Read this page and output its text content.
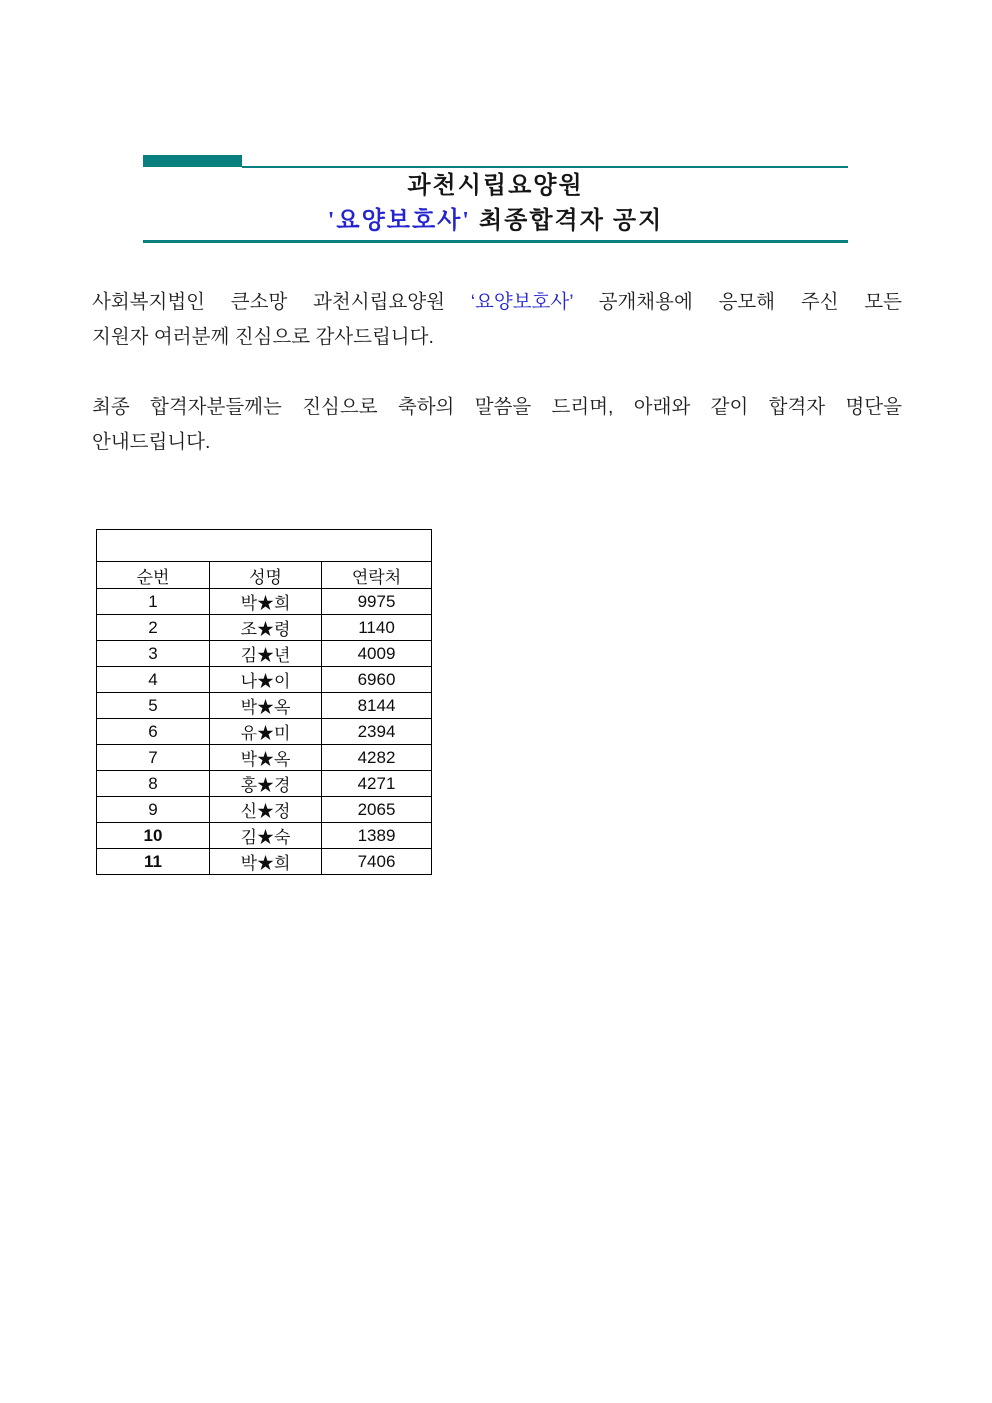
과천시립요양원
'요양보호사' 최종합격자 공지
사회복지법인 큰소망 과천시립요양원 ‘요양보호사’ 공개채용에 응모해 주신 모든
지원자 여러분께 진심으로 감사드립니다.
최종 합격자분들께는 진심으로 축하의 말씀을 드리며, 아래와 같이 합격자 명단을
안내드립니다.

순번	성명	연락처
1	박★희	9975
2	조★령	1140
3	김★년	4009
4	나★이	6960
5	박★옥	8144
6	유★미	2394
7	박★옥	4282
8	홍★경	4271
9	신★정	2065
10	김★숙	1389
11	박★희	7406
